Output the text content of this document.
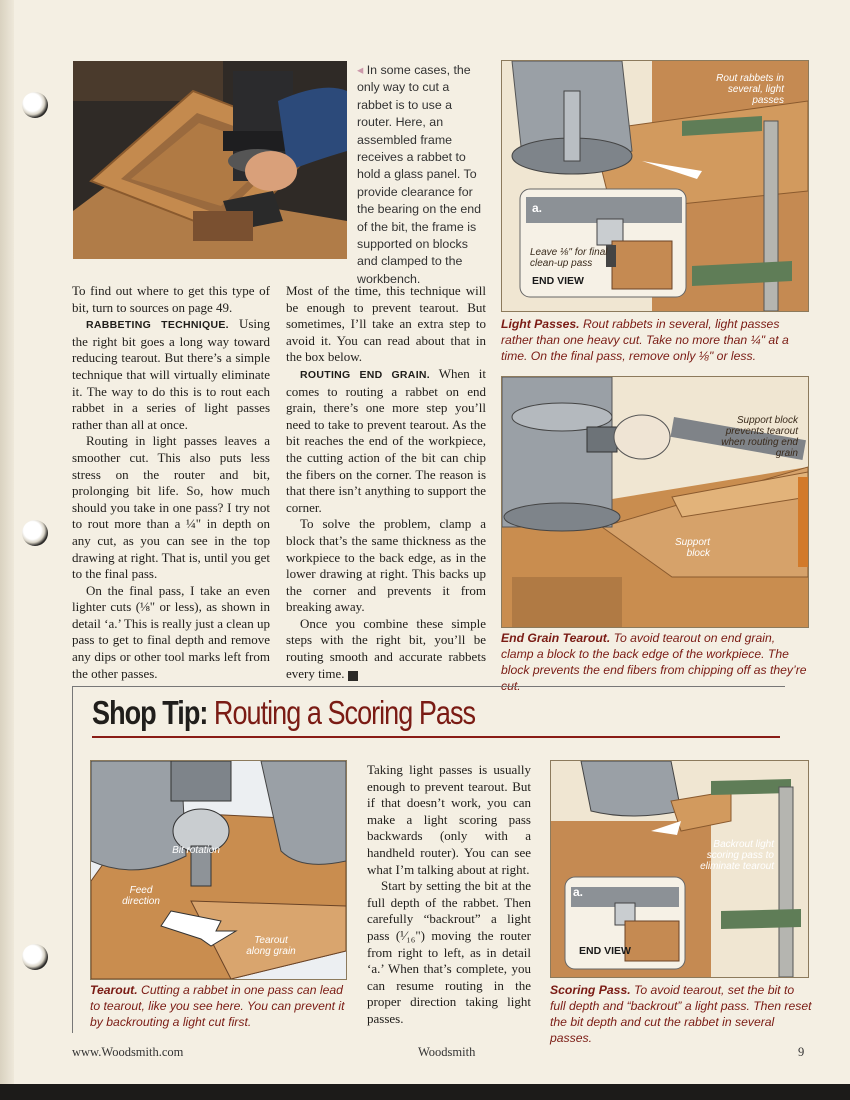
◂ In some cases, the only way to cut a rabbet is to use a router. Here, an assembled frame receives a rabbet to hold a glass panel. To provide clearance for the bearing on the end of the bit, the frame is supported on blocks and clamped to the workbench.

To find out where to get this type of bit, turn to sources on page 49.

RABBETING TECHNIQUE. Using the right bit goes a long way toward reducing tearout. But there’s a simple technique that will virtually eliminate it. The way to do this is to rout each rabbet in a series of light passes rather than all at once.

Routing in light passes leaves a smoother cut. This also puts less stress on the router and bit, prolonging bit life. So, how much should you take in one pass? I try not to rout more than a ¼" in depth on any cut, as you can see in the top drawing at right. That is, until you get to the final pass.

On the final pass, I take an even lighter cuts (⅛" or less), as shown in detail ‘a.’ This is really just a clean up pass to get to final depth and remove any dips or other tool marks left from the other passes.

Most of the time, this technique will be enough to prevent tearout. But sometimes, I’ll take an extra step to avoid it. You can read about that in the box below.

ROUTING END GRAIN. When it comes to routing a rabbet on end grain, there’s one more step you’ll need to take to prevent tearout. As the bit reaches the end of the workpiece, the cutting action of the bit can chip the fibers on the corner. The reason is that there isn’t anything to support the corner.

To solve the problem, clamp a block that’s the same thickness as the workpiece to the back edge, as in the lower drawing at right. This backs up the corner and prevents it from breaking away.

Once you combine these simple steps with the right bit, you’ll be routing smooth and accurate rabbets every time. W

Rout rabbets in several, light passes
a.
Leave ⅛" for final clean-up pass
END VIEW
Light Passes. Rout rabbets in several, light passes rather than one heavy cut. Take no more than ¼" at a time. On the final pass, remove only ⅛" or less.
Support block prevents tearout when routing end grain
Support block
End Grain Tearout. To avoid tearout on end grain, clamp a block to the back edge of the workpiece. The block prevents the end fibers from chipping off as they’re cut.
Shop Tip: Routing a Scoring Pass
Bit rotation
Feed direction
Tearout along grain
Tearout. Cutting a rabbet in one pass can lead to tearout, like you see here. You can prevent it by backrouting a light cut first.

Taking light passes is usually enough to prevent tearout. But if that doesn’t work, you can make a light scoring pass backwards (only with a handheld router). You can see what I’m talking about at right.

Start by setting the bit at the full depth of the rabbet. Then carefully “backrout” a light pass (¹⁄₁₆") moving the router from right to left, as in detail ‘a.’ When that’s complete, you can resume routing in the proper direction taking light passes.

Backrout light scoring pass to eliminate tearout
a.
END VIEW
Scoring Pass. To avoid tearout, set the bit to full depth and “backrout” a light pass. Then reset the bit depth and cut the rabbet in several passes.
www.Woodsmith.com	Woodsmith	9
